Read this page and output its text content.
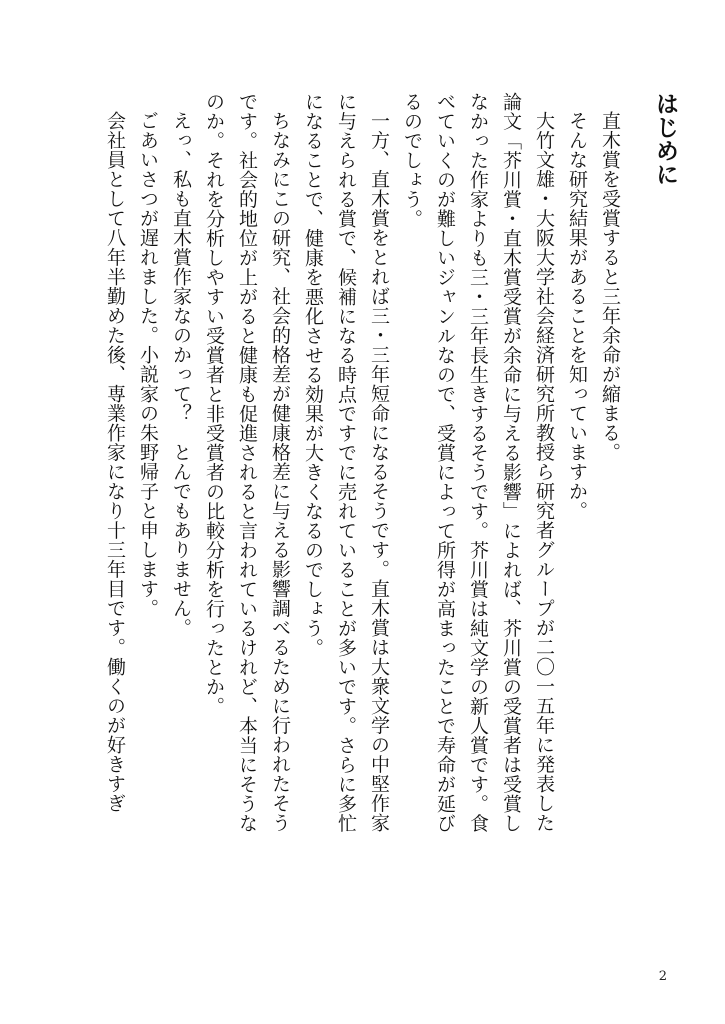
はじめに
直木賞を受賞すると三年余命が縮まる。
そんな研究結果があることを知っていますか。
大竹文雄・大阪大学社会経済研究所教授ら研究者グループが二〇一五年に発表した
論文「芥川賞・直木賞受賞が余命に与える影響」によれば、芥川賞の受賞者は受賞し
なかった作家よりも三・三年長生きするそうです。芥川賞は純文学の新人賞です。食
べていくのが難しいジャンルなので、受賞によって所得が高まったことで寿命が延び
るのでしょう。
一方、直木賞をとれば三・三年短命になるそうです。直木賞は大衆文学の中堅作家
に与えられる賞で、候補になる時点ですでに売れていることが多いです。さらに多忙
になることで、健康を悪化させる効果が大きくなるのでしょう。
ちなみにこの研究、社会的格差が健康格差に与える影響調べるために行われたそう
です。社会的地位が上がると健康も促進されると言われているけれど、本当にそうな
のか。それを分析しやすい受賞者と非受賞者の比較分析を行ったとか。
えっ、私も直木賞作家なのかって？　とんでもありません。
ごあいさつが遅れました。小説家の朱野帰子と申します。
会社員として八年半勤めた後、専業作家になり十三年目です。働くのが好きすぎ
2
